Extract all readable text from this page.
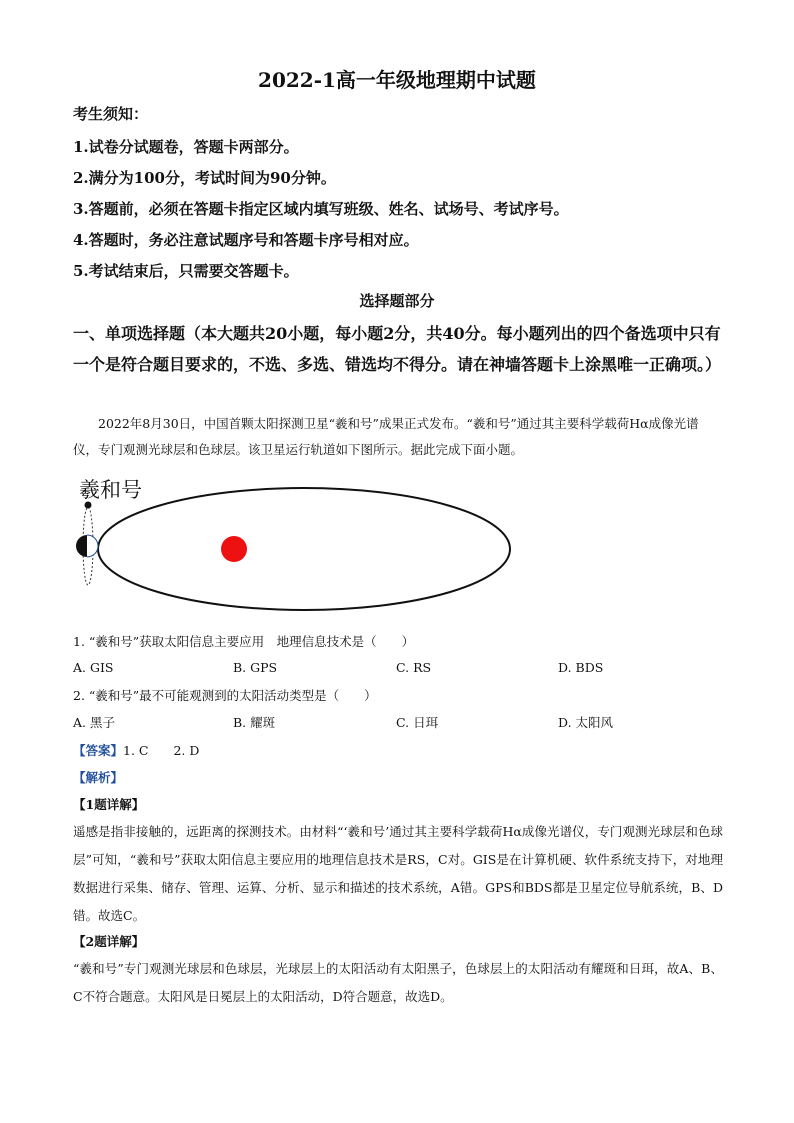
2022-1高一年级地理期中试题
考生须知：
1.试卷分试题卷，答题卡两部分。
2.满分为100分，考试时间为90分钟。
3.答题前，必须在答题卡指定区域内填写班级、姓名、试场号、考试序号。
4.答题时，务必注意试题序号和答题卡序号相对应。
5.考试结束后，只需要交答题卡。
选择题部分
一、单项选择题（本大题共20小题，每小题2分，共40分。每小题列出的四个备选项中只有一个是符合题目要求的，不选、多选、错选均不得分。请在神墙答题卡上涂黑唯一正确项。）
2022年8月30日，中国首颗太阳探测卫星“羲和号”成果正式发布。“羲和号”通过其主要科学载荷Hα成像光谱仪，专门观测光球层和色球层。该卫星运行轨道如下图所示。据此完成下面小题。
羲和号
1. “羲和号”获取太阳信息主要应用　地理信息技术是（　　）
A. GIS	B. GPS	C. RS	D. BDS
2. “羲和号”最不可能观测到的太阳活动类型是（　　）
A. 黑子	B. 耀斑	C. 日珥	D. 太阳风
【答案】1. C　　2. D
【解析】
【1题详解】
遥感是指非接触的，远距离的探测技术。由材料“‘羲和号’通过其主要科学载荷Hα成像光谱仪，专门观测光球层和色球层”可知，“羲和号”获取太阳信息主要应用的地理信息技术是RS，C对。GIS是在计算机硬、软件系统支持下，对地理数据进行采集、储存、管理、运算、分析、显示和描述的技术系统，A错。GPS和BDS都是卫星定位导航系统，B、D错。故选C。
【2题详解】
“羲和号”专门观测光球层和色球层，光球层上的太阳活动有太阳黑子，色球层上的太阳活动有耀斑和日珥，故A、B、C不符合题意。太阳风是日冕层上的太阳活动，D符合题意，故选D。
